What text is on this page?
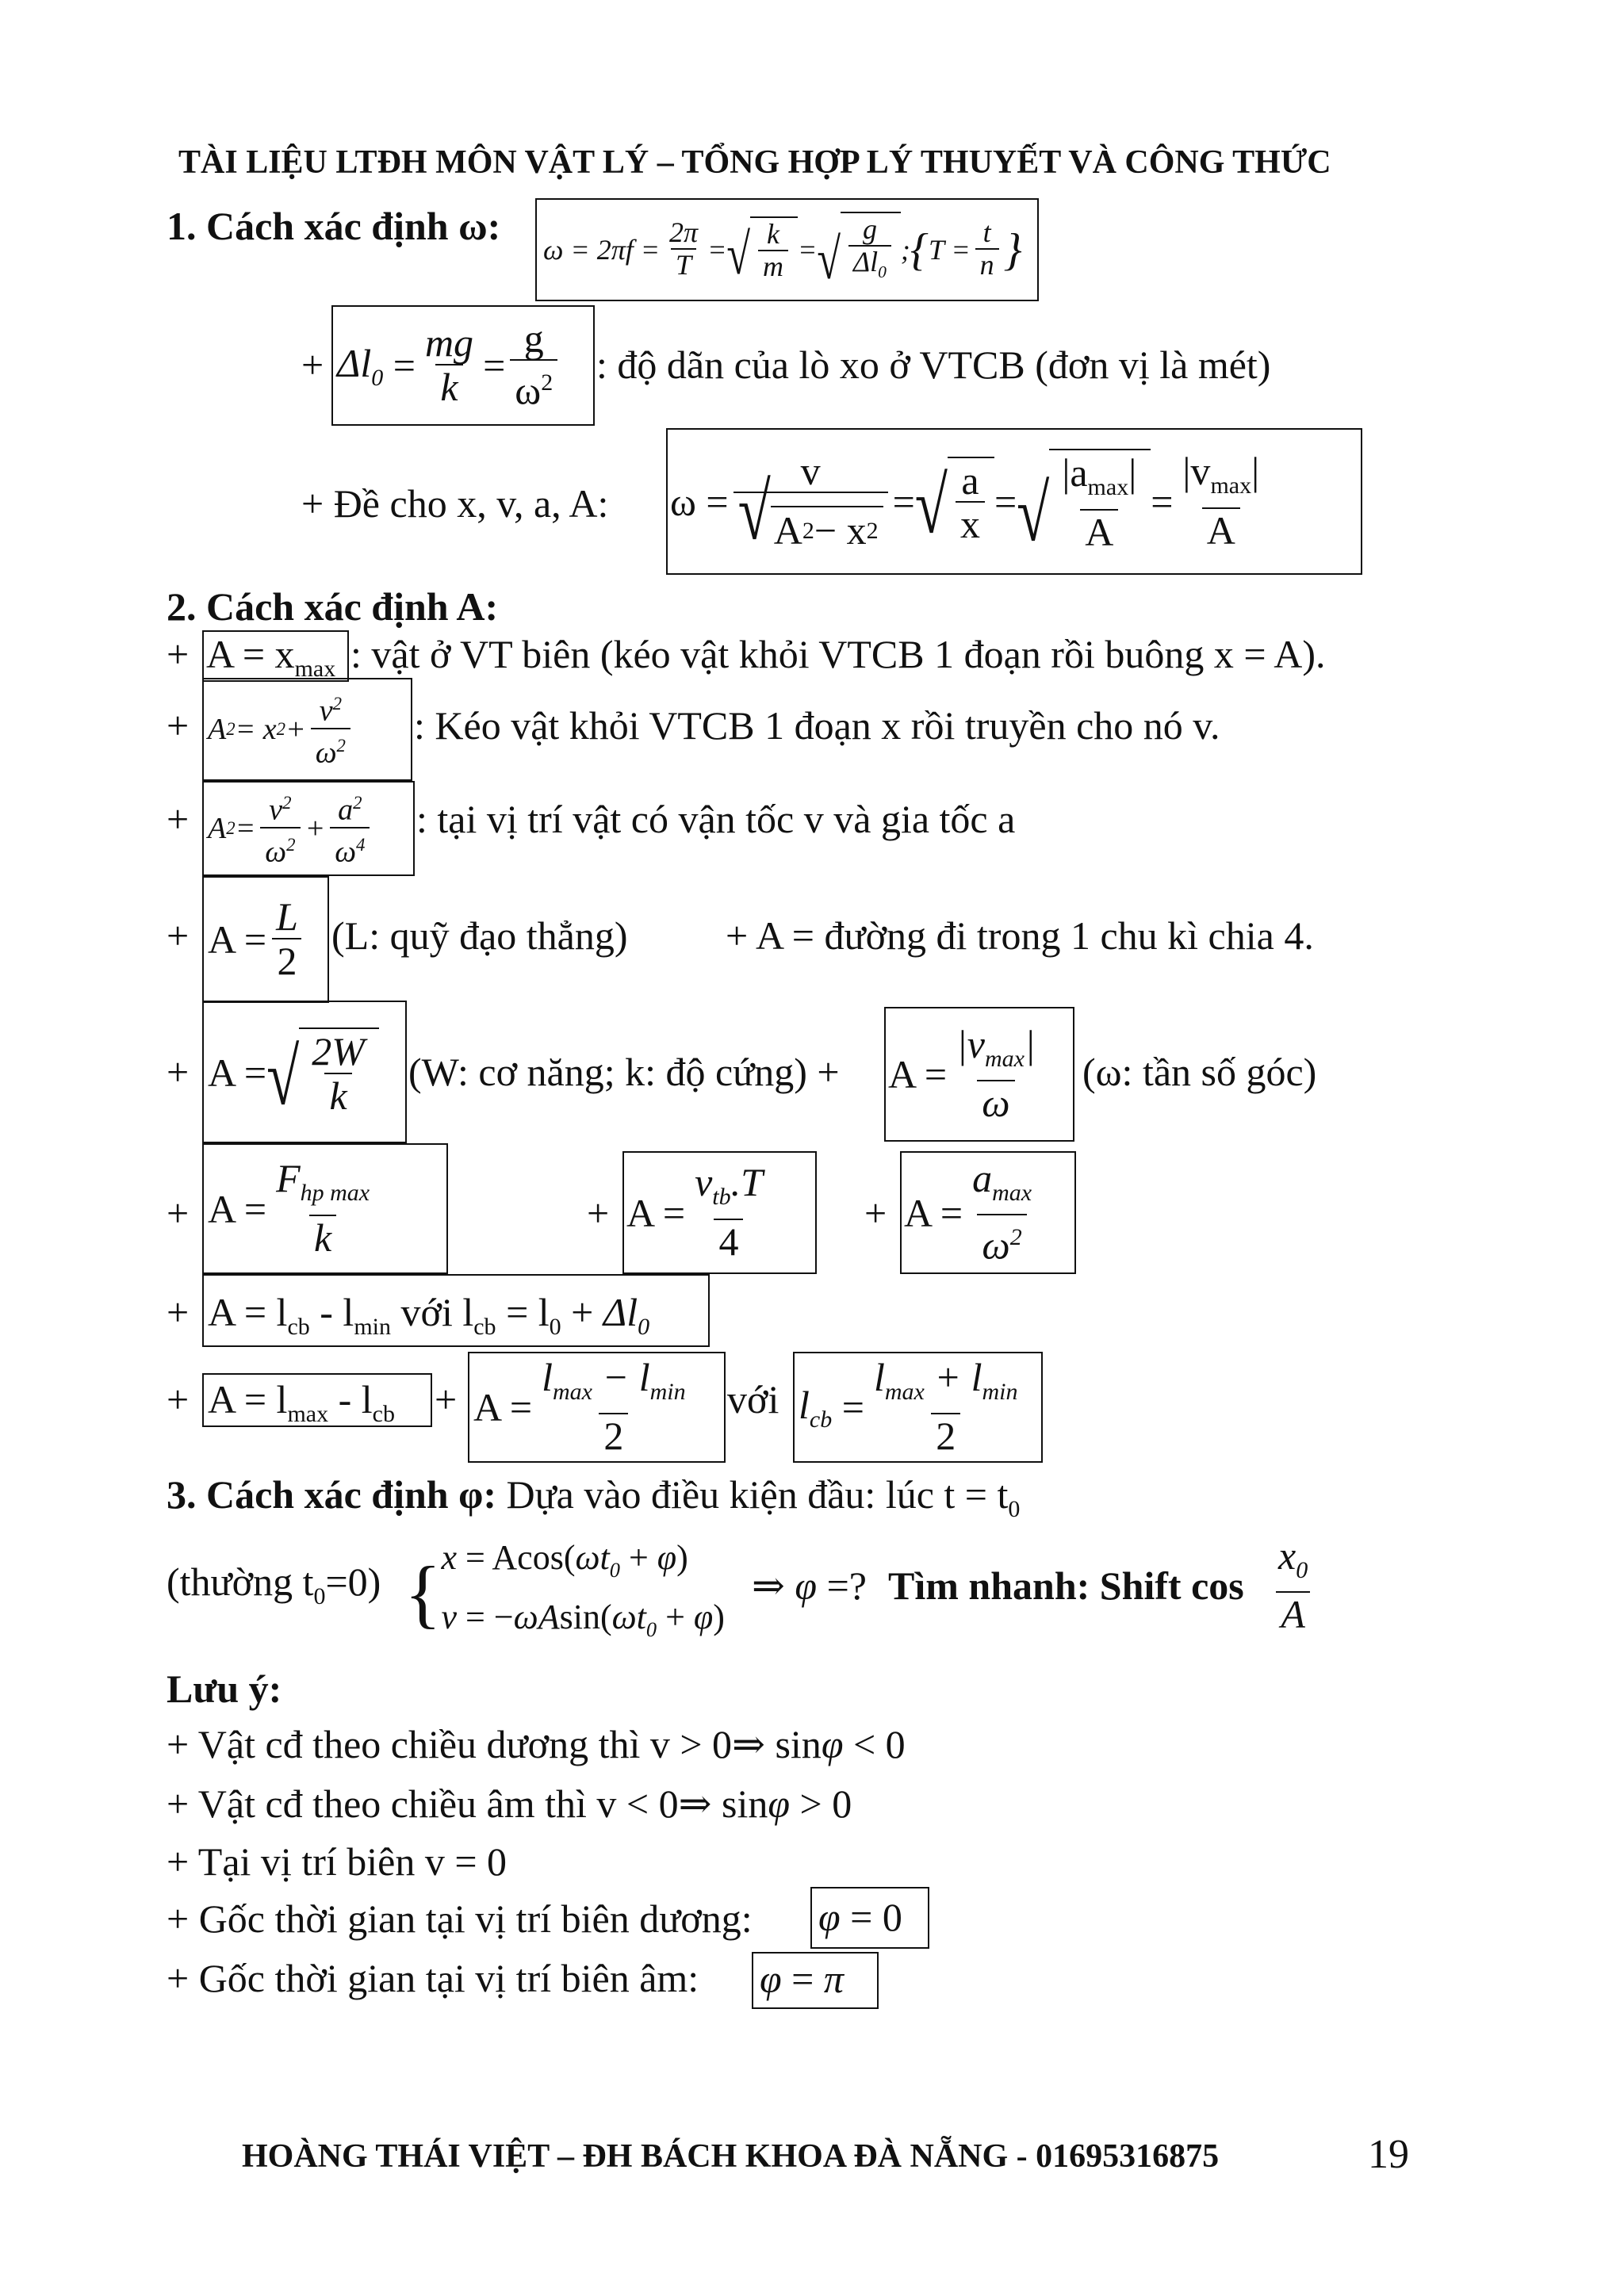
TÀI LIỆU LTĐH MÔN VẬT LÝ – TỔNG HỢP LÝ THUYẾT VÀ CÔNG THỨC
1. Cách xác định ω:
$\omega = 2\pi f = \frac{2\pi}{T}$ = √ $\frac{k}{m}$ = √ $\frac{g}{\Delta l_0}$ ; { $T = \frac{t}{n}$ }
+ $\Delta l_0 = \frac{mg}{k} = \frac{g}{\omega^2}$ : độ dãn của lò xo ở VTCB (đơn vị là mét)
+ Đề cho x, v, a, A: $\omega = \frac{v}{√ A 2 - x 2}$ = √ $\frac{a}{x}$ = √ $\frac{|a_{max}|}{A} = \frac{|v_{max}|}{A}$
2. Cách xác định A:
+ $A = x_{max}$ : vật ở VT biên (kéo vật khỏi VTCB 1 đoạn rồi buông x = A).
+ A 2 = x $2 + \frac{v^2}{\omega^2}$ : Kéo vật khỏi VTCB 1 đoạn x rồi truyền cho nó v.
+ A $2 = \frac{v^2}{\omega^2} + \frac{a^2}{\omega^4}$ : tại vị trí vật có vận tốc v và gia tốc a
+ $A = \frac{L}{2} (L$: quỹ đạo thẳng) + A = đường đi trong 1 chu kì chia 4.
+ A = √ $\frac{2W}{k} (W$: cơ năng; k: độ cứng) + $A = \frac{|v_{max}|}{\omega} (\omega$: tần số góc)
+ $A = \frac{F_{hp max}}{k}$	+ $A = \frac{v_{tb}.T}{4} + A = \frac{a_{max}}{\omega^2}$
+ $A = l_{cb} - l_{min}$ với $l_{cb} = l_0 + \Delta l_0$
+ $A = l_{max} - l_{cb} + A = \frac{l_{max} - l_{min}}{2}$ với $l_{cb} = \frac{l_{max} + l_{min}}{2}$
3. Cách xác định φ: Dựa vào điều kiện đầu: lúc $t = t_0$
(thường $t_0=0$) { $x = Acos(\omega t_0 + \varphi)$
$v = -\omega Asin(\omega t_0 + \varphi)$
⇒ φ =? Tìm nhanh: Shift $\cos \frac{x_0}{A}$
Lưu ý:
+ Vật cđ theo chiều dương thì v > 0⇒ sinφ < 0
+ Vật cđ theo chiều âm thì v < 0⇒ sinφ > 0
+ Tại vị trí biên v = 0
+ Gốc thời gian tại vị trí biên dương: φ = 0
+ Gốc thời gian tại vị trí biên âm: φ = π
HOÀNG THÁI VIỆT – ĐH BÁCH KHOA ĐÀ NẴNG - 01695316875	19
